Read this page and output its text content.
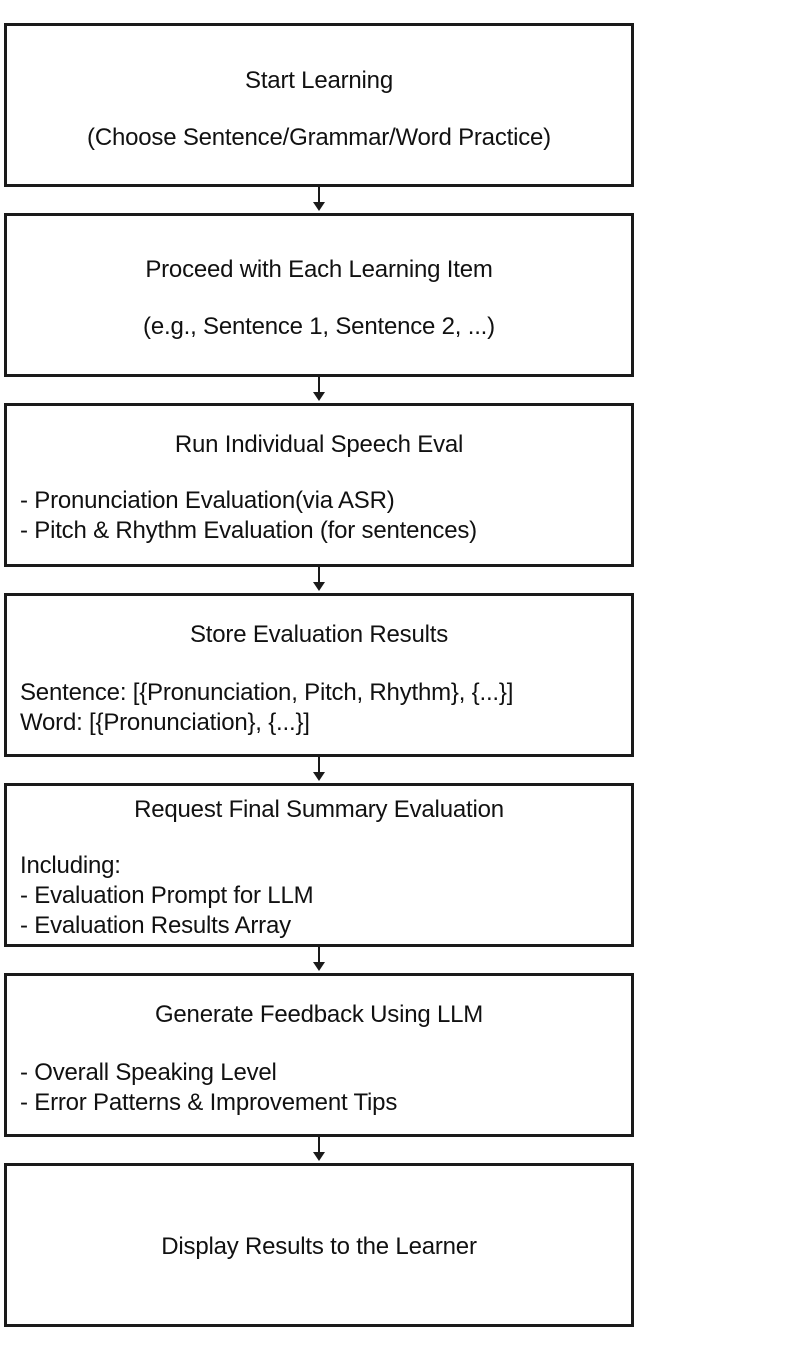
Start Learning
(Choose Sentence/Grammar/Word Practice)
Proceed with Each Learning Item
(e.g., Sentence 1, Sentence 2, ...)
Run Individual Speech Eval
- Pronunciation Evaluation(via ASR)
- Pitch & Rhythm Evaluation (for sentences)
Store Evaluation Results
Sentence: [{Pronunciation, Pitch, Rhythm}, {...}]
Word: [{Pronunciation}, {...}]
Request Final Summary Evaluation
Including:
- Evaluation Prompt for LLM
- Evaluation Results Array
Generate Feedback Using LLM
- Overall Speaking Level
- Error Patterns & Improvement Tips
Display Results to the Learner
